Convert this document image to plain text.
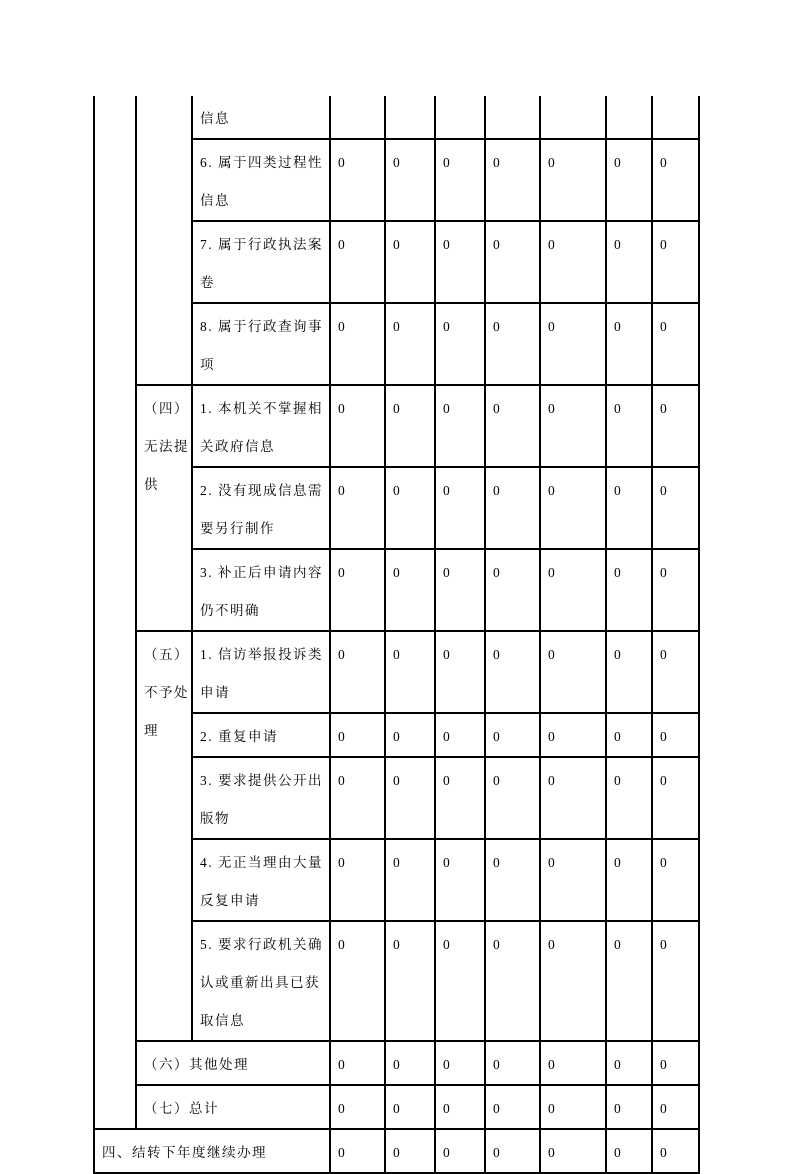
		信息							
		6. 属于四类过程性信息	0	0	0	0	0	0	0
		7. 属于行政执法案卷	0	0	0	0	0	0	0
		8. 属于行政查询事项	0	0	0	0	0	0	0
	（四）无法提供	1. 本机关不掌握相关政府信息	0	0	0	0	0	0	0
		2. 没有现成信息需要另行制作	0	0	0	0	0	0	0
		3. 补正后申请内容仍不明确	0	0	0	0	0	0	0
	（五）不予处理	1. 信访举报投诉类申请	0	0	0	0	0	0	0
		2. 重复申请	0	0	0	0	0	0	0
		3. 要求提供公开出版物	0	0	0	0	0	0	0
		4. 无正当理由大量反复申请	0	0	0	0	0	0	0
		5. 要求行政机关确认或重新出具已获取信息	0	0	0	0	0	0	0
	（六）其他处理		0	0	0	0	0	0	0
	（七）总计		0	0	0	0	0	0	0
四、结转下年度继续办理			0	0	0	0	0	0	0
